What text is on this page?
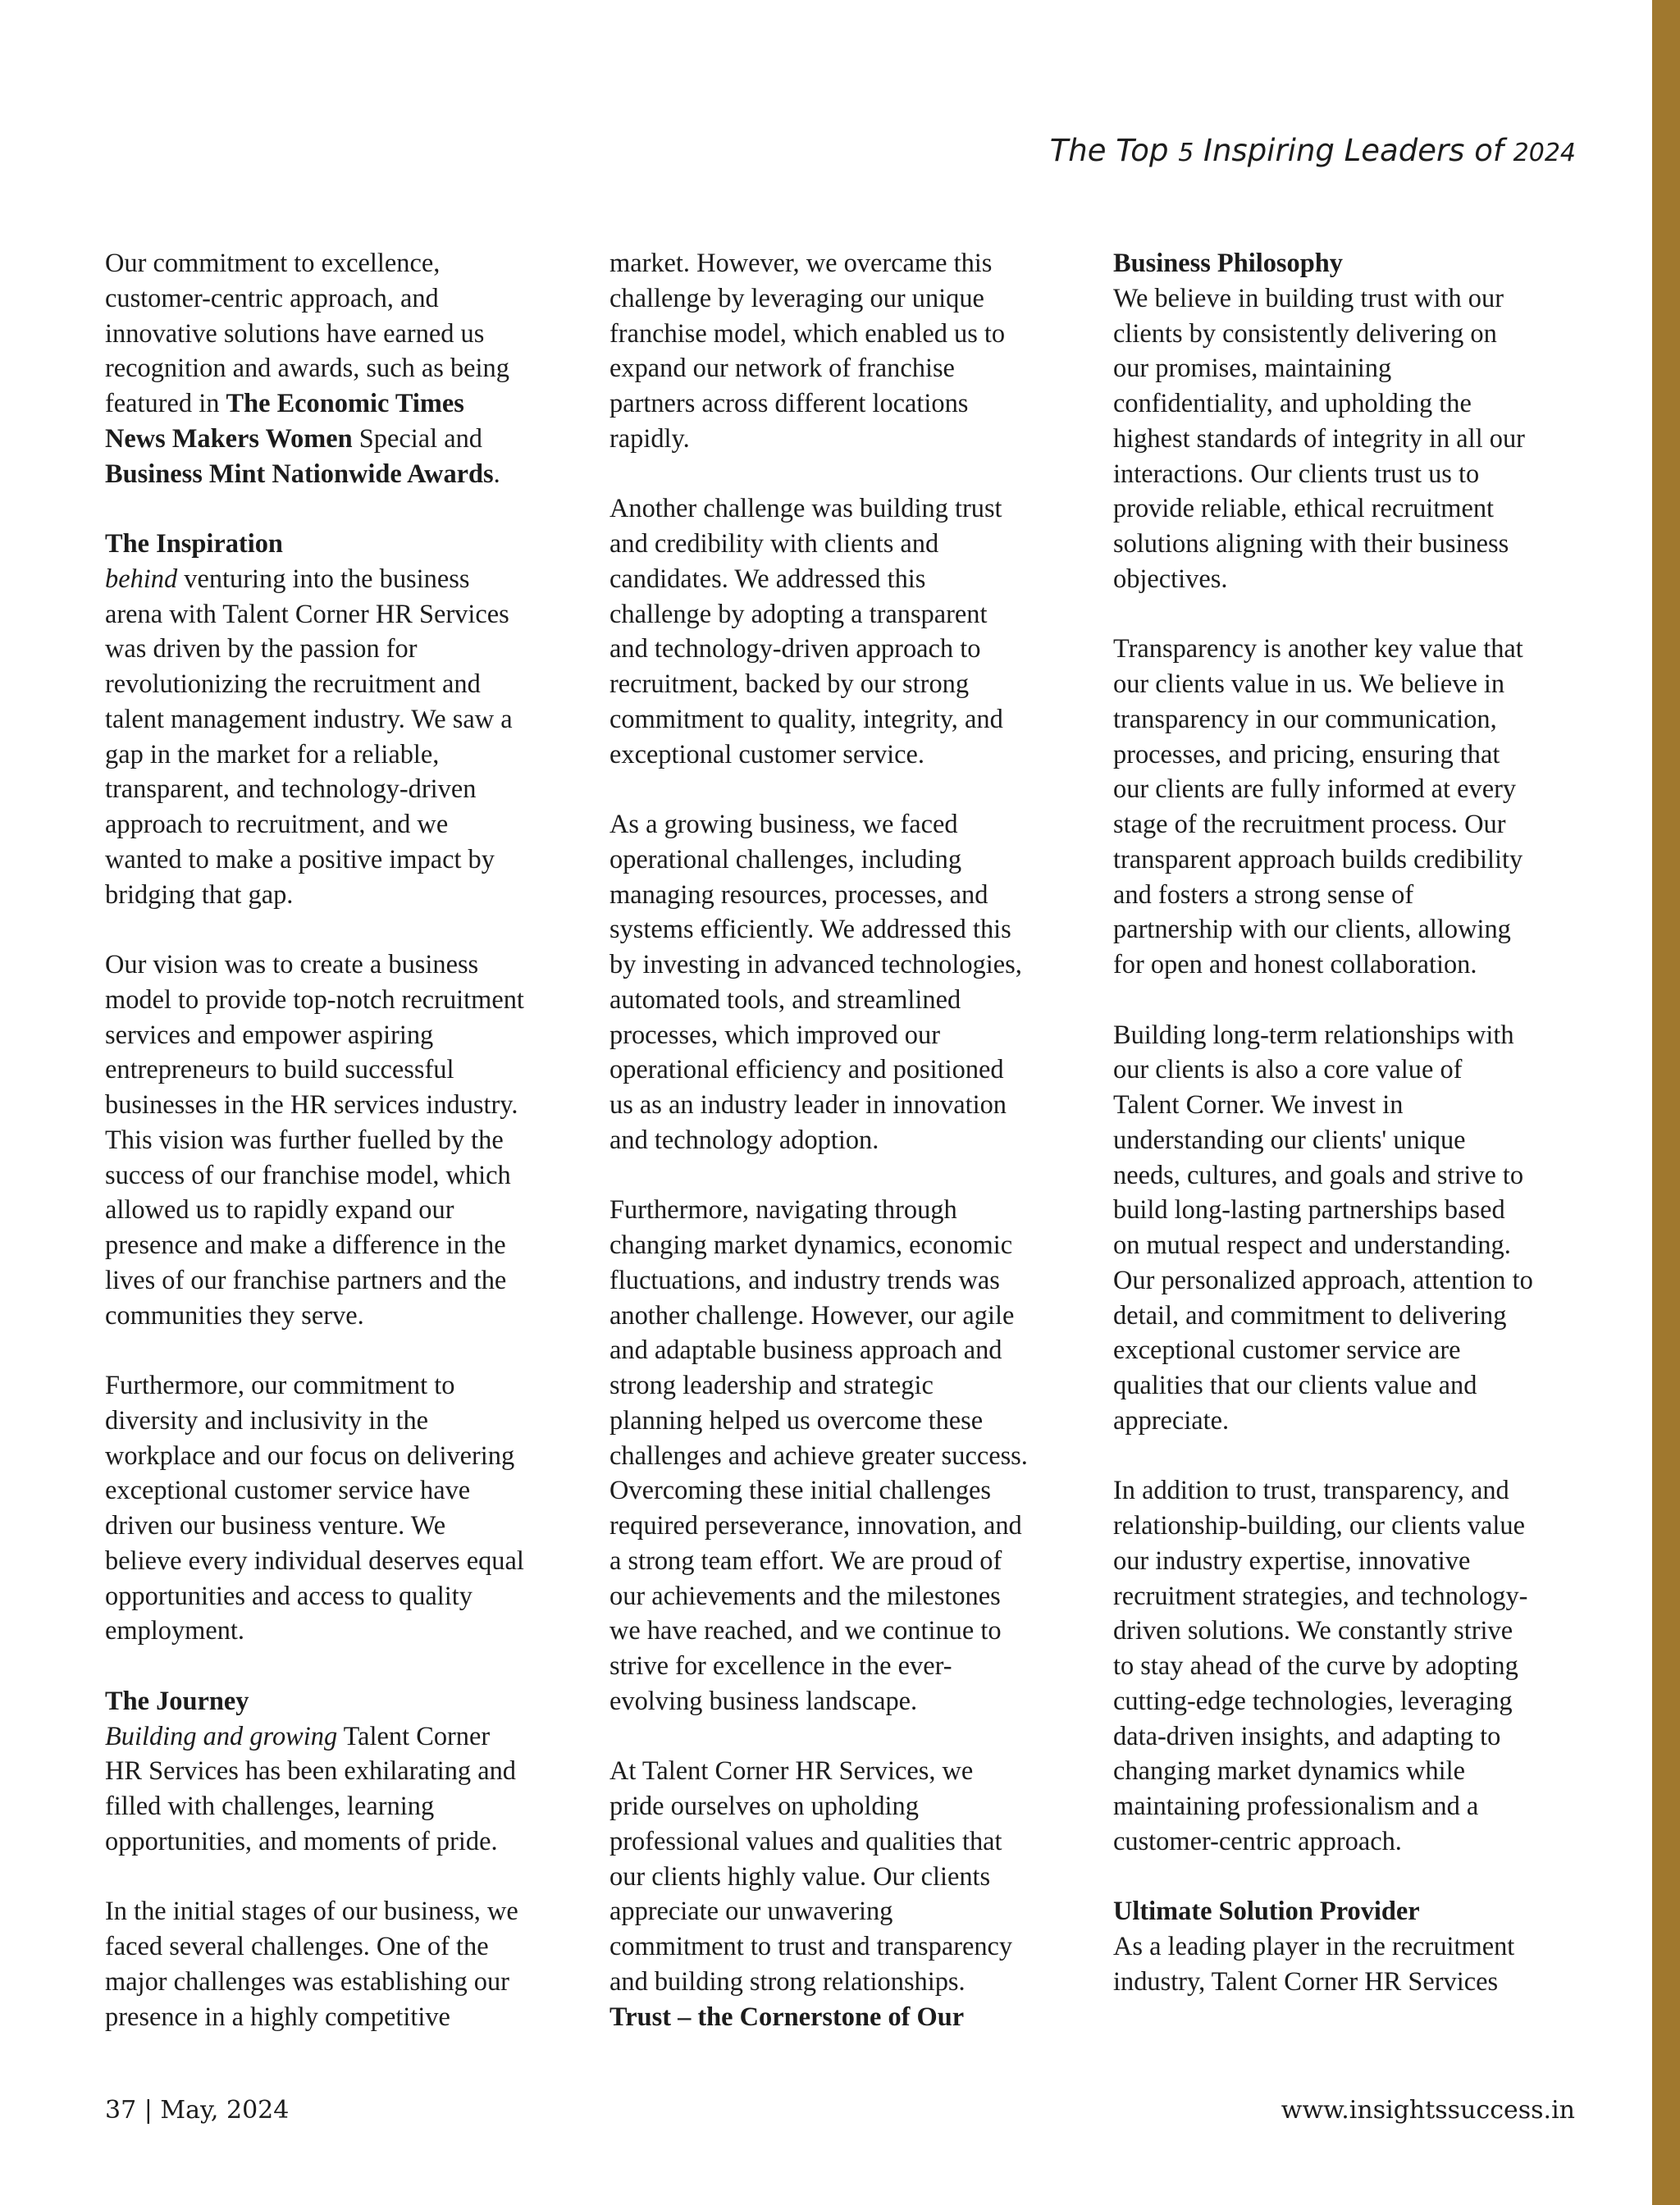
The Top 5 Inspiring Leaders of 2024

Our commitment to excellence,
customer-centric approach, and
innovative solutions have earned us
recognition and awards, such as being
featured in The Economic Times
News Makers Women Special and
Business Mint Nationwide Awards.

The Inspiration
behind venturing into the business
arena with Talent Corner HR Services
was driven by the passion for
revolutionizing the recruitment and
talent management industry. We saw a
gap in the market for a reliable,
transparent, and technology-driven
approach to recruitment, and we
wanted to make a positive impact by
bridging that gap.

Our vision was to create a business
model to provide top-notch recruitment
services and empower aspiring
entrepreneurs to build successful
businesses in the HR services industry.
This vision was further fuelled by the
success of our franchise model, which
allowed us to rapidly expand our
presence and make a difference in the
lives of our franchise partners and the
communities they serve.

Furthermore, our commitment to
diversity and inclusivity in the
workplace and our focus on delivering
exceptional customer service have
driven our business venture. We
believe every individual deserves equal
opportunities and access to quality
employment.

The Journey
Building and growing Talent Corner
HR Services has been exhilarating and
filled with challenges, learning
opportunities, and moments of pride.

In the initial stages of our business, we
faced several challenges. One of the
major challenges was establishing our
presence in a highly competitive

market. However, we overcame this
challenge by leveraging our unique
franchise model, which enabled us to
expand our network of franchise
partners across different locations
rapidly.

Another challenge was building trust
and credibility with clients and
candidates. We addressed this
challenge by adopting a transparent
and technology-driven approach to
recruitment, backed by our strong
commitment to quality, integrity, and
exceptional customer service.

As a growing business, we faced
operational challenges, including
managing resources, processes, and
systems efficiently. We addressed this
by investing in advanced technologies,
automated tools, and streamlined
processes, which improved our
operational efficiency and positioned
us as an industry leader in innovation
and technology adoption.

Furthermore, navigating through
changing market dynamics, economic
fluctuations, and industry trends was
another challenge. However, our agile
and adaptable business approach and
strong leadership and strategic
planning helped us overcome these
challenges and achieve greater success.
Overcoming these initial challenges
required perseverance, innovation, and
a strong team effort. We are proud of
our achievements and the milestones
we have reached, and we continue to
strive for excellence in the ever-
evolving business landscape.

At Talent Corner HR Services, we
pride ourselves on upholding
professional values and qualities that
our clients highly value. Our clients
appreciate our unwavering
commitment to trust and transparency
and building strong relationships.
Trust – the Cornerstone of Our

Business Philosophy
We believe in building trust with our
clients by consistently delivering on
our promises, maintaining
confidentiality, and upholding the
highest standards of integrity in all our
interactions. Our clients trust us to
provide reliable, ethical recruitment
solutions aligning with their business
objectives.

Transparency is another key value that
our clients value in us. We believe in
transparency in our communication,
processes, and pricing, ensuring that
our clients are fully informed at every
stage of the recruitment process. Our
transparent approach builds credibility
and fosters a strong sense of
partnership with our clients, allowing
for open and honest collaboration.

Building long-term relationships with
our clients is also a core value of
Talent Corner. We invest in
understanding our clients' unique
needs, cultures, and goals and strive to
build long-lasting partnerships based
on mutual respect and understanding.
Our personalized approach, attention to
detail, and commitment to delivering
exceptional customer service are
qualities that our clients value and
appreciate.

In addition to trust, transparency, and
relationship-building, our clients value
our industry expertise, innovative
recruitment strategies, and technology-
driven solutions. We constantly strive
to stay ahead of the curve by adopting
cutting-edge technologies, leveraging
data-driven insights, and adapting to
changing market dynamics while
maintaining professionalism and a
customer-centric approach.

Ultimate Solution Provider
As a leading player in the recruitment
industry, Talent Corner HR Services

37 | May, 2024	www.insightssuccess.in
